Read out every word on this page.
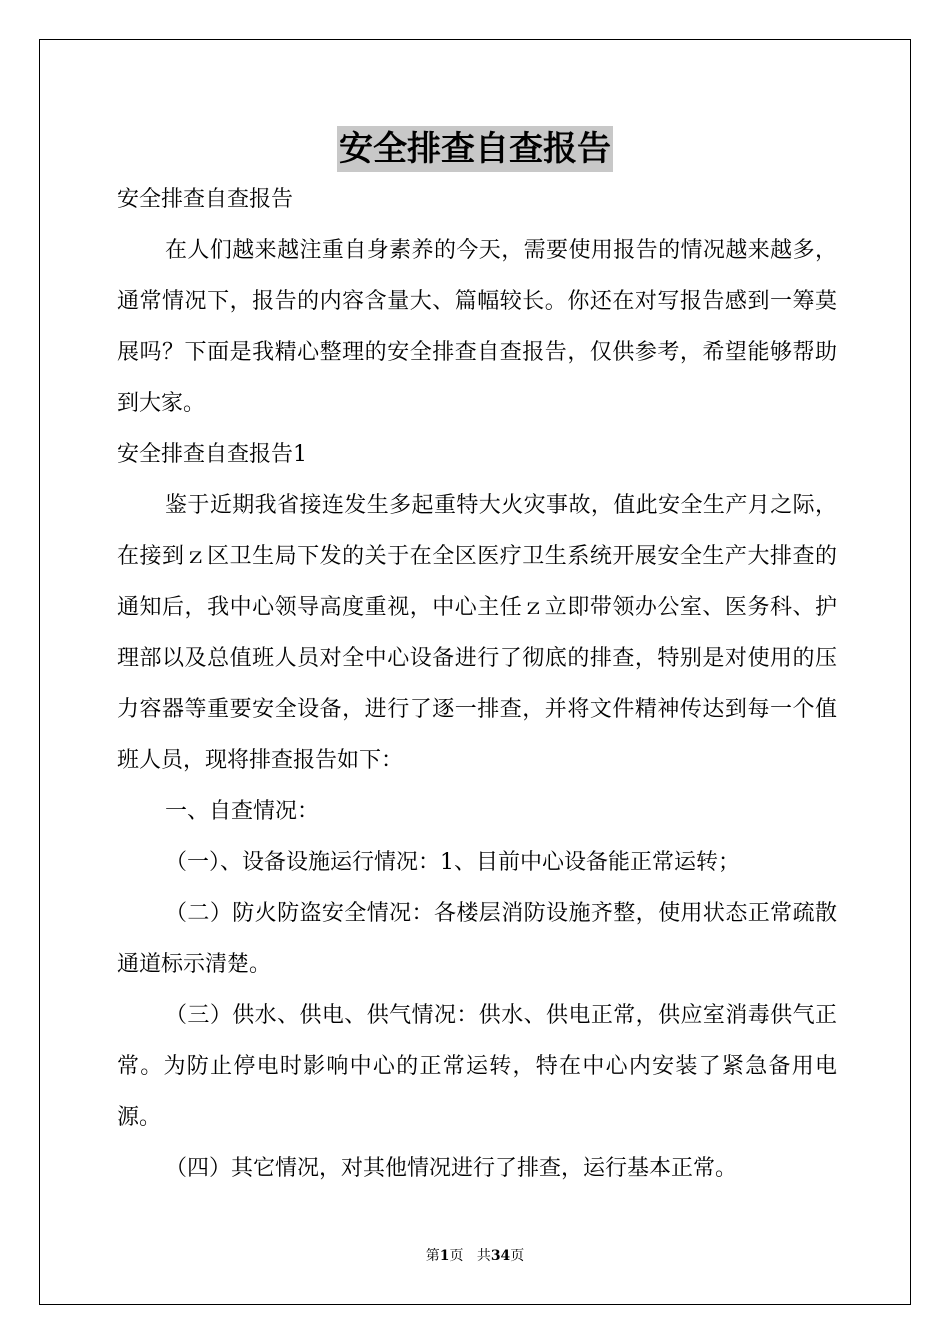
安全排查自查报告

安全排查自查报告

在人们越来越注重自身素养的今天，需要使用报告的情况越来越多，通常情况下，报告的内容含量大、篇幅较长。你还在对写报告感到一筹莫展吗？下面是我精心整理的安全排查自查报告，仅供参考，希望能够帮助到大家。

安全排查自查报告1

鉴于近期我省接连发生多起重特大火灾事故，值此安全生产月之际，在接到ｚ区卫生局下发的关于在全区医疗卫生系统开展安全生产大排查的通知后，我中心领导高度重视，中心主任ｚ立即带领办公室、医务科、护理部以及总值班人员对全中心设备进行了彻底的排查，特别是对使用的压力容器等重要安全设备，进行了逐一排查，并将文件精神传达到每一个值班人员，现将排查报告如下：

一、自查情况：

（一）、设备设施运行情况：1、目前中心设备能正常运转；

（二）防火防盗安全情况：各楼层消防设施齐整，使用状态正常疏散通道标示清楚。

（三）供水、供电、供气情况：供水、供电正常，供应室消毒供气正常。为防止停电时影响中心的正常运转，特在中心内安装了紧急备用电源。

（四）其它情况，对其他情况进行了排查，运行基本正常。

第1页 共34页
